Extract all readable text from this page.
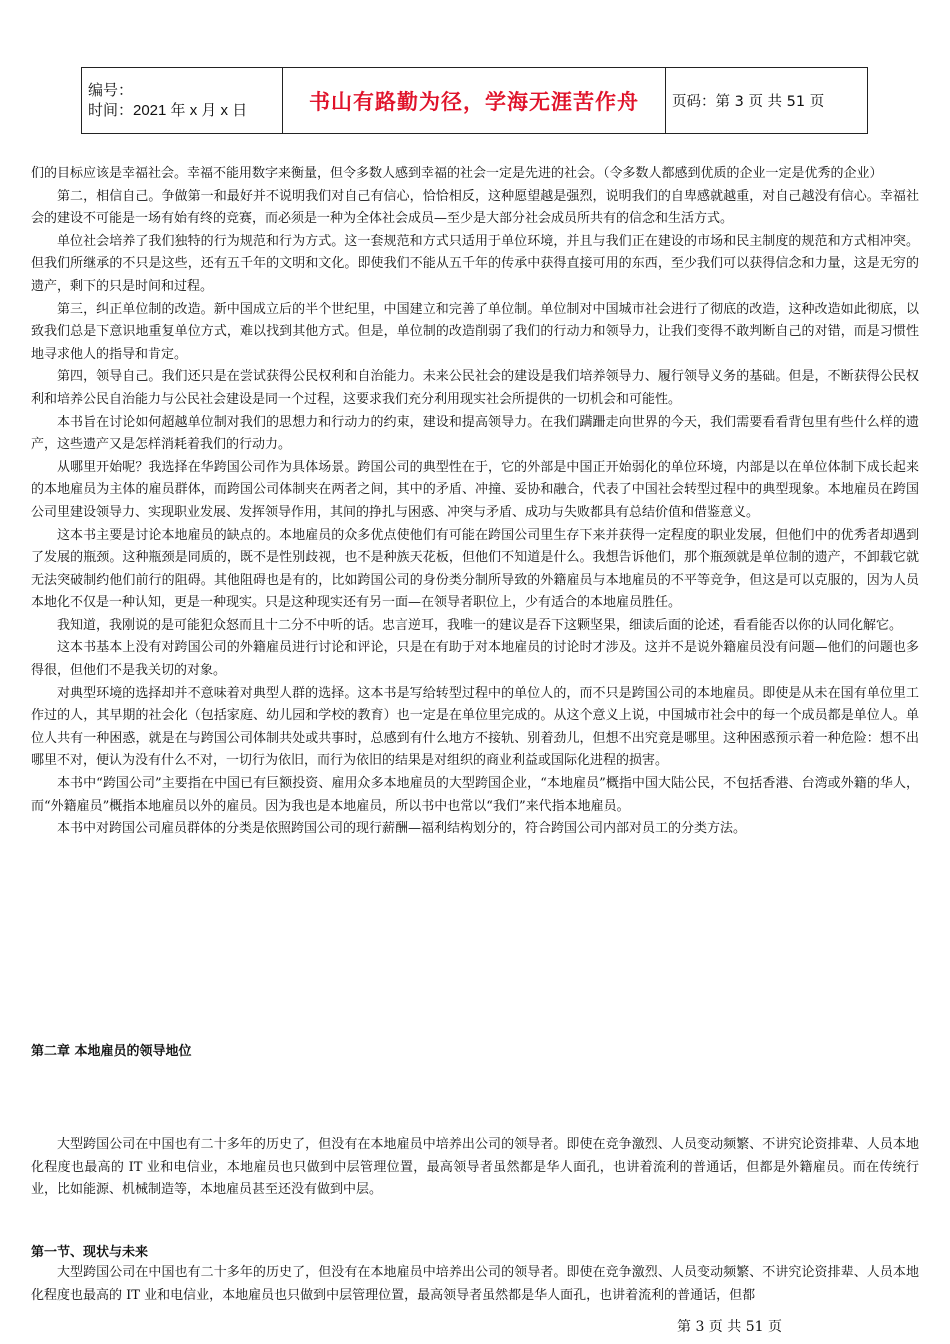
编号：
时间：2021 年 x 月 x 日	书山有路勤为径，学海无涯苦作舟	页码：第 3 页 共 51 页

们的目标应该是幸福社会。幸福不能用数字来衡量，但令多数人感到幸福的社会一定是先进的社会。（令多数人都感到优质的企业一定是优秀的企业）

第二，相信自己。争做第一和最好并不说明我们对自己有信心，恰恰相反，这种愿望越是强烈，说明我们的自卑感就越重，对自己越没有信心。幸福社会的建设不可能是一场有始有终的竞赛，而必须是一种为全体社会成员—至少是大部分社会成员所共有的信念和生活方式。

单位社会培养了我们独特的行为规范和行为方式。这一套规范和方式只适用于单位环境，并且与我们正在建设的市场和民主制度的规范和方式相冲突。但我们所继承的不只是这些，还有五千年的文明和文化。即使我们不能从五千年的传承中获得直接可用的东西，至少我们可以获得信念和力量，这是无穷的遗产，剩下的只是时间和过程。

第三，纠正单位制的改造。新中国成立后的半个世纪里，中国建立和完善了单位制。单位制对中国城市社会进行了彻底的改造，这种改造如此彻底，以致我们总是下意识地重复单位方式，难以找到其他方式。但是，单位制的改造削弱了我们的行动力和领导力，让我们变得不敢判断自己的对错，而是习惯性地寻求他人的指导和肯定。

第四，领导自己。我们还只是在尝试获得公民权利和自治能力。未来公民社会的建设是我们培养领导力、履行领导义务的基础。但是，不断获得公民权利和培养公民自治能力与公民社会建设是同一个过程，这要求我们充分利用现实社会所提供的一切机会和可能性。

本书旨在讨论如何超越单位制对我们的思想力和行动力的约束，建设和提高领导力。在我们蹒跚走向世界的今天，我们需要看看背包里有些什么样的遗产，这些遗产又是怎样消耗着我们的行动力。

从哪里开始呢？我选择在华跨国公司作为具体场景。跨国公司的典型性在于，它的外部是中国正开始弱化的单位环境，内部是以在单位体制下成长起来的本地雇员为主体的雇员群体，而跨国公司体制夹在两者之间，其中的矛盾、冲撞、妥协和融合，代表了中国社会转型过程中的典型现象。本地雇员在跨国公司里建设领导力、实现职业发展、发挥领导作用，其间的挣扎与困惑、冲突与矛盾、成功与失败都具有总结价值和借鉴意义。

这本书主要是讨论本地雇员的缺点的。本地雇员的众多优点使他们有可能在跨国公司里生存下来并获得一定程度的职业发展，但他们中的优秀者却遇到了发展的瓶颈。这种瓶颈是同质的，既不是性别歧视，也不是种族天花板，但他们不知道是什么。我想告诉他们，那个瓶颈就是单位制的遗产，不卸载它就无法突破制约他们前行的阻碍。其他阻碍也是有的，比如跨国公司的身份类分制所导致的外籍雇员与本地雇员的不平等竞争，但这是可以克服的，因为人员本地化不仅是一种认知，更是一种现实。只是这种现实还有另一面—在领导者职位上，少有适合的本地雇员胜任。

我知道，我刚说的是可能犯众怒而且十二分不中听的话。忠言逆耳，我唯一的建议是吞下这颗坚果，细读后面的论述，看看能否以你的认同化解它。

这本书基本上没有对跨国公司的外籍雇员进行讨论和评论，只是在有助于对本地雇员的讨论时才涉及。这并不是说外籍雇员没有问题—他们的问题也多得很，但他们不是我关切的对象。

对典型环境的选择却并不意味着对典型人群的选择。这本书是写给转型过程中的单位人的，而不只是跨国公司的本地雇员。即使是从未在国有单位里工作过的人，其早期的社会化（包括家庭、幼儿园和学校的教育）也一定是在单位里完成的。从这个意义上说，中国城市社会中的每一个成员都是单位人。单位人共有一种困惑，就是在与跨国公司体制共处或共事时，总感到有什么地方不接轨、别着劲儿，但想不出究竟是哪里。这种困惑预示着一种危险：想不出哪里不对，便认为没有什么不对，一切行为依旧，而行为依旧的结果是对组织的商业利益或国际化进程的损害。

本书中“跨国公司”主要指在中国已有巨额投资、雇用众多本地雇员的大型跨国企业，“本地雇员”概指中国大陆公民，不包括香港、台湾或外籍的华人，而“外籍雇员”概指本地雇员以外的雇员。因为我也是本地雇员，所以书中也常以“我们”来代指本地雇员。

本书中对跨国公司雇员群体的分类是依照跨国公司的现行薪酬—福利结构划分的，符合跨国公司内部对员工的分类方法。

第二章 本地雇员的领导地位

大型跨国公司在中国也有二十多年的历史了，但没有在本地雇员中培养出公司的领导者。即使在竞争激烈、人员变动频繁、不讲究论资排辈、人员本地化程度也最高的 IT 业和电信业，本地雇员也只做到中层管理位置，最高领导者虽然都是华人面孔，也讲着流利的普通话，但都是外籍雇员。而在传统行业，比如能源、机械制造等，本地雇员甚至还没有做到中层。

第一节、现状与未来

大型跨国公司在中国也有二十多年的历史了，但没有在本地雇员中培养出公司的领导者。即使在竞争激烈、人员变动频繁、不讲究论资排辈、人员本地化程度也最高的 IT 业和电信业，本地雇员也只做到中层管理位置，最高领导者虽然都是华人面孔，也讲着流利的普通话，但都

第 3 页 共 51 页
